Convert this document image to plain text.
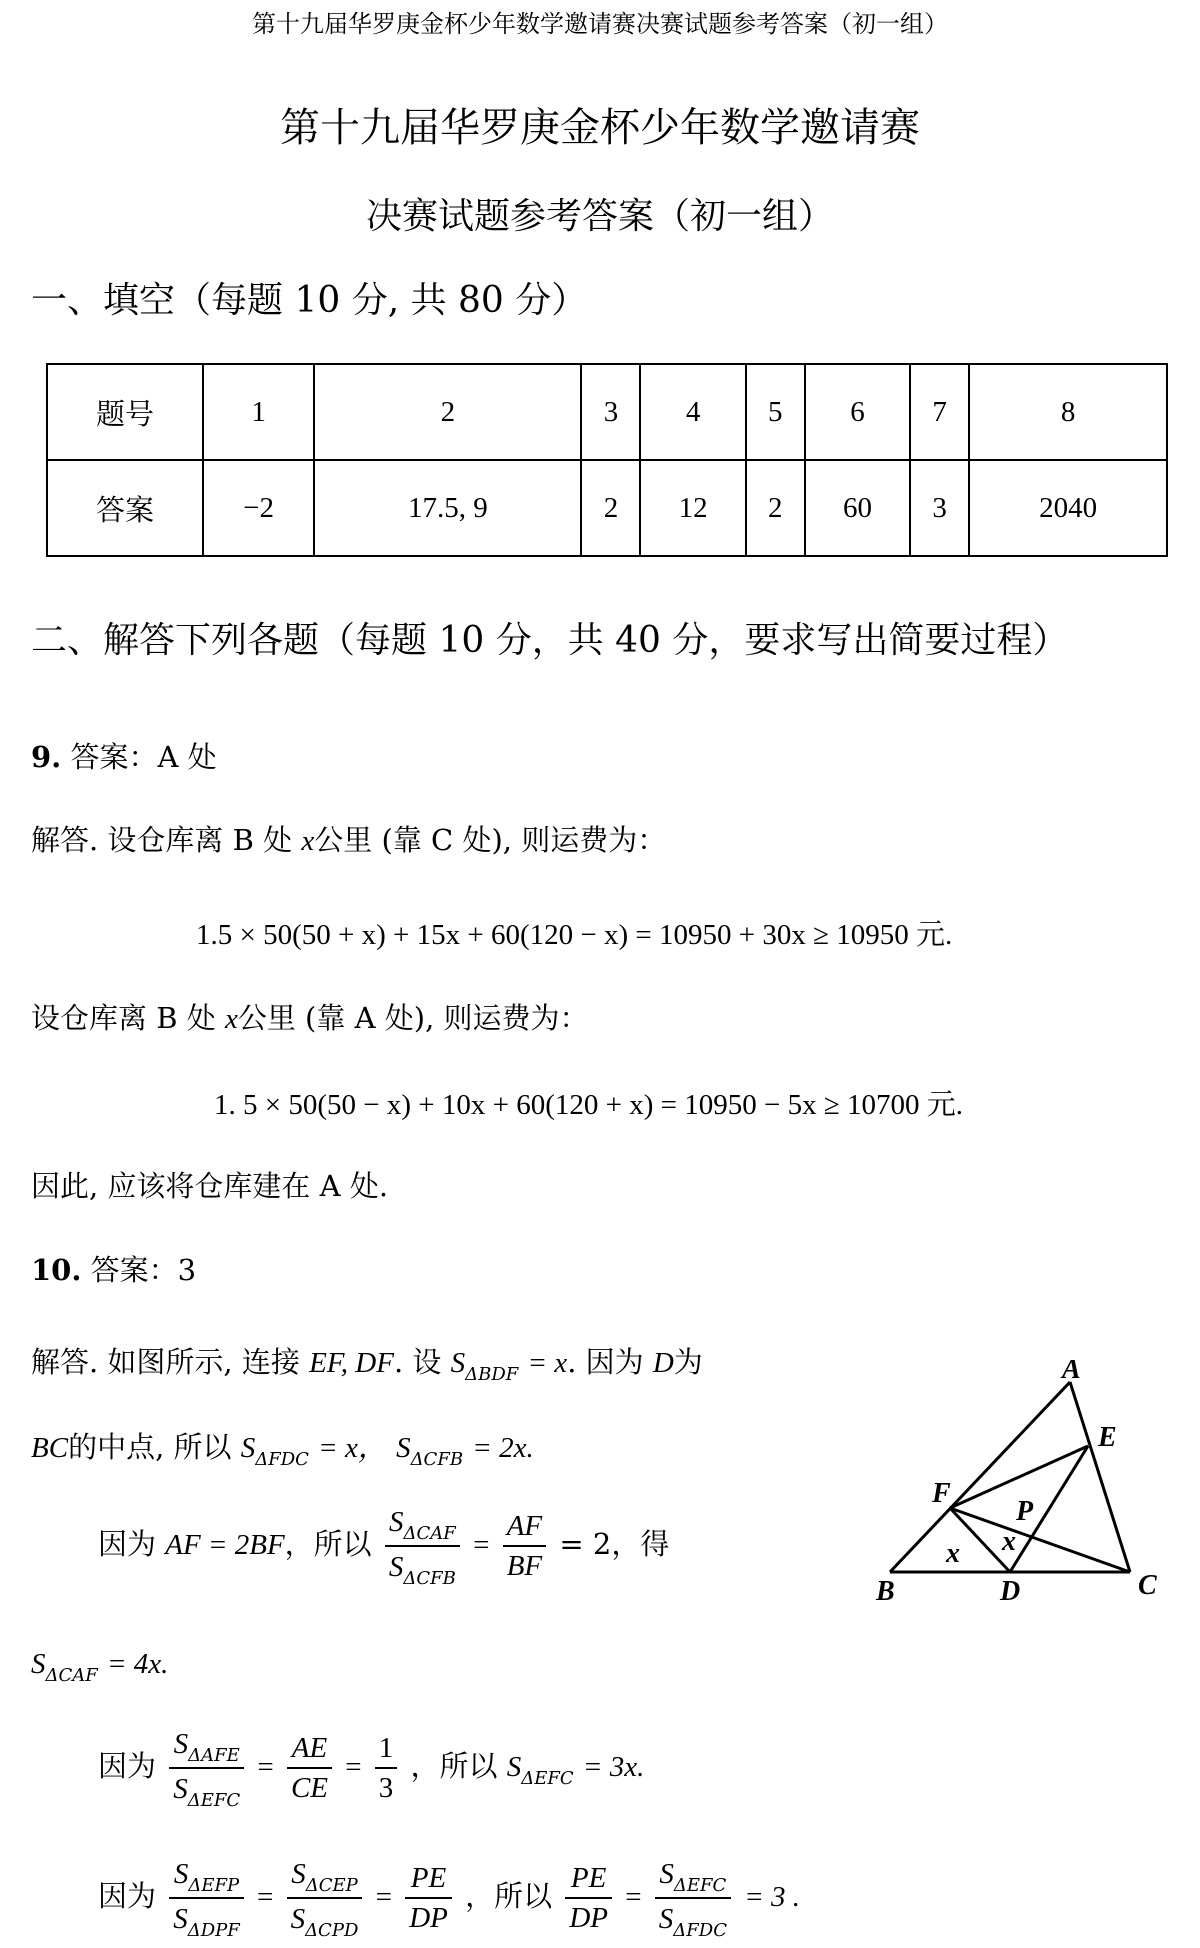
第十九届华罗庚金杯少年数学邀请赛决赛试题参考答案（初一组）
第十九届华罗庚金杯少年数学邀请赛
决赛试题参考答案（初一组）
一、填空（每题 10 分, 共 80 分）
题号	1	2	3	4	5	6	7	8
答案	−2	17.5, 9	2	12	2	60	3	2040
二、解答下列各题（每题 10 分，共 40 分，要求写出简要过程）
9. 答案：A 处
解答. 设仓库离 B 处 x公里 (靠 C 处), 则运费为：
1.5 × 50(50 + x) + 15x + 60(120 − x) = 10950 + 30x ≥ 10950 元.
设仓库离 B 处 x公里 (靠 A 处), 则运费为：
1. 5 × 50(50 − x) + 10x + 60(120 + x) = 10950 − 5x ≥ 10700 元.
因此, 应该将仓库建在 A 处.
10. 答案：3
解答. 如图所示, 连接 EF, DF. 设 $S_{\Delta BDF} = x$. 因为 D为
BC的中点, 所以 $S_{\Delta FDC} = x$， $S_{\Delta CFB} = 2x$.
因为 AF = 2BF，所以 $\frac{S_{\Delta CAF}}{S_{\Delta CFB}} = \frac{AF}{BF} = 2$，得
$S_{\Delta CAF} = 4x$.
因为 $\frac{S_{\Delta AFE}}{S_{\Delta EFC}} = \frac{AE}{CE} = \frac{1}{3}$ ，所以 $S_{\Delta EFC} = 3x$.
因为 $\frac{S_{\Delta EFP}}{S_{\Delta DPF}} = \frac{S_{\Delta CEP}}{S_{\Delta CPD}} = \frac{PE}{DP}$ ，所以 $\frac{PE}{DP} = \frac{S_{\Delta EFC}}{S_{\Delta FDC}} = 3$ .
A
E
F
P
x x
B	D	C
